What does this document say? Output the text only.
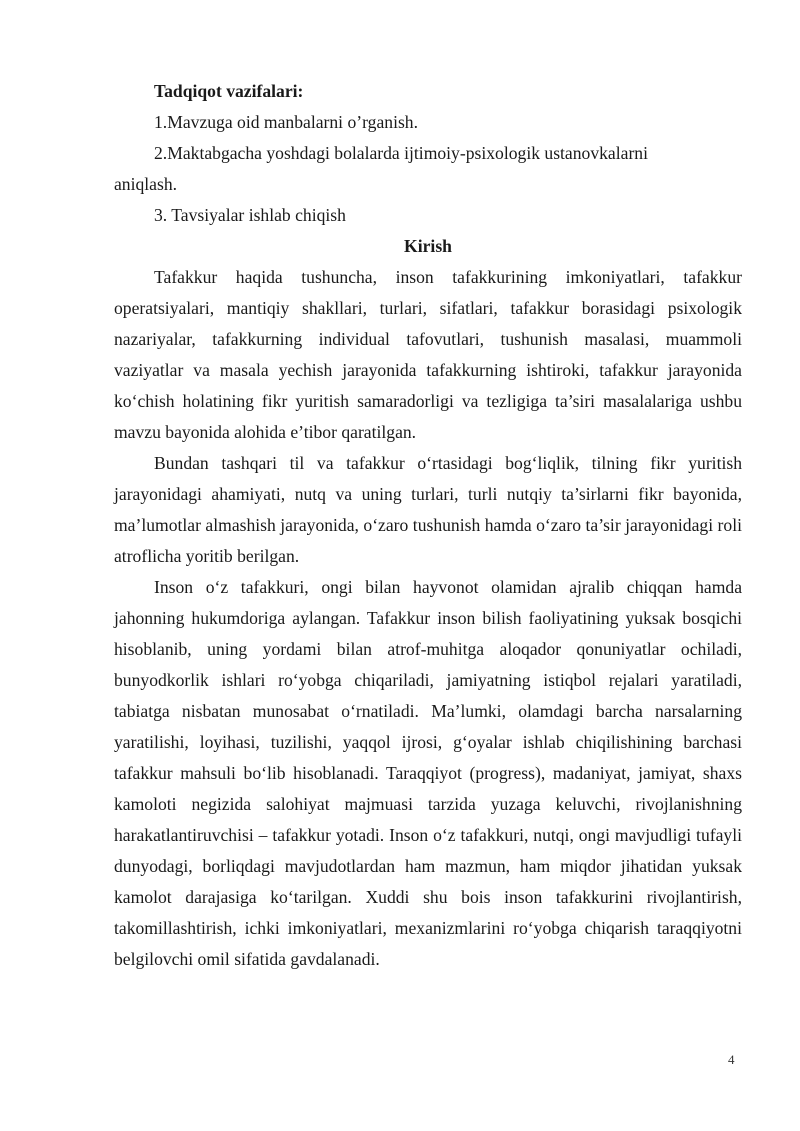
Tadqiqot vazifalari:

1.Mavzuga oid manbalarni o’rganish.

2.Maktabgacha yoshdagi bolalarda ijtimoiy-psixologik ustanovkalarni

aniqlash.

3. Tavsiyalar ishlab chiqish

Kirish

Tafakkur haqida tushuncha, inson tafakkurining imkoniyatlari, tafakkur operatsiyalari, mantiqiy shakllari, turlari, sifatlari, tafakkur borasidagi psixologik nazariyalar, tafakkurning individual tafovutlari, tushunish masalasi, muammoli vaziyatlar va masala yechish jarayonida tafakkurning ishtiroki, tafakkur jarayonida ko‘chish holatining fikr yuritish samaradorligi va tezligiga ta’siri masalalariga ushbu mavzu bayonida alohida e’tibor qaratilgan.

Bundan tashqari til va tafakkur o‘rtasidagi bog‘liqlik, tilning fikr yuritish jarayonidagi ahamiyati, nutq va uning turlari, turli nutqiy ta’sirlarni fikr bayonida, ma’lumotlar almashish jarayonida, o‘zaro tushunish hamda o‘zaro ta’sir jarayonidagi roli atroflicha yoritib berilgan.

Inson o‘z tafakkuri, ongi bilan hayvonot olamidan ajralib chiqqan hamda jahonning hukumdoriga aylangan. Tafakkur inson bilish faoliyatining yuksak bosqichi hisoblanib, uning yordami bilan atrof-muhitga aloqador qonuniyatlar ochiladi, bunyodkorlik ishlari ro‘yobga chiqariladi, jamiyatning istiqbol rejalari yaratiladi, tabiatga nisbatan munosabat o‘rnatiladi. Ma’lumki, olamdagi barcha narsalarning yaratilishi, loyihasi, tuzilishi, yaqqol ijrosi, g‘oyalar ishlab chiqilishining barchasi tafakkur mahsuli bo‘lib hisoblanadi. Taraqqiyot (progress), madaniyat, jamiyat, shaxs kamoloti negizida salohiyat majmuasi tarzida yuzaga keluvchi, rivojlanishning harakatlantiruvchisi – tafakkur yotadi. Inson o‘z tafakkuri, nutqi, ongi mavjudligi tufayli dunyodagi, borliqdagi mavjudotlardan ham mazmun, ham miqdor jihatidan yuksak kamolot darajasiga ko‘tarilgan. Xuddi shu bois inson tafakkurini rivojlantirish, takomillashtirish, ichki imkoniyatlari, mexanizmlarini ro‘yobga chiqarish taraqqiyotni belgilovchi omil sifatida gavdalanadi.

4
